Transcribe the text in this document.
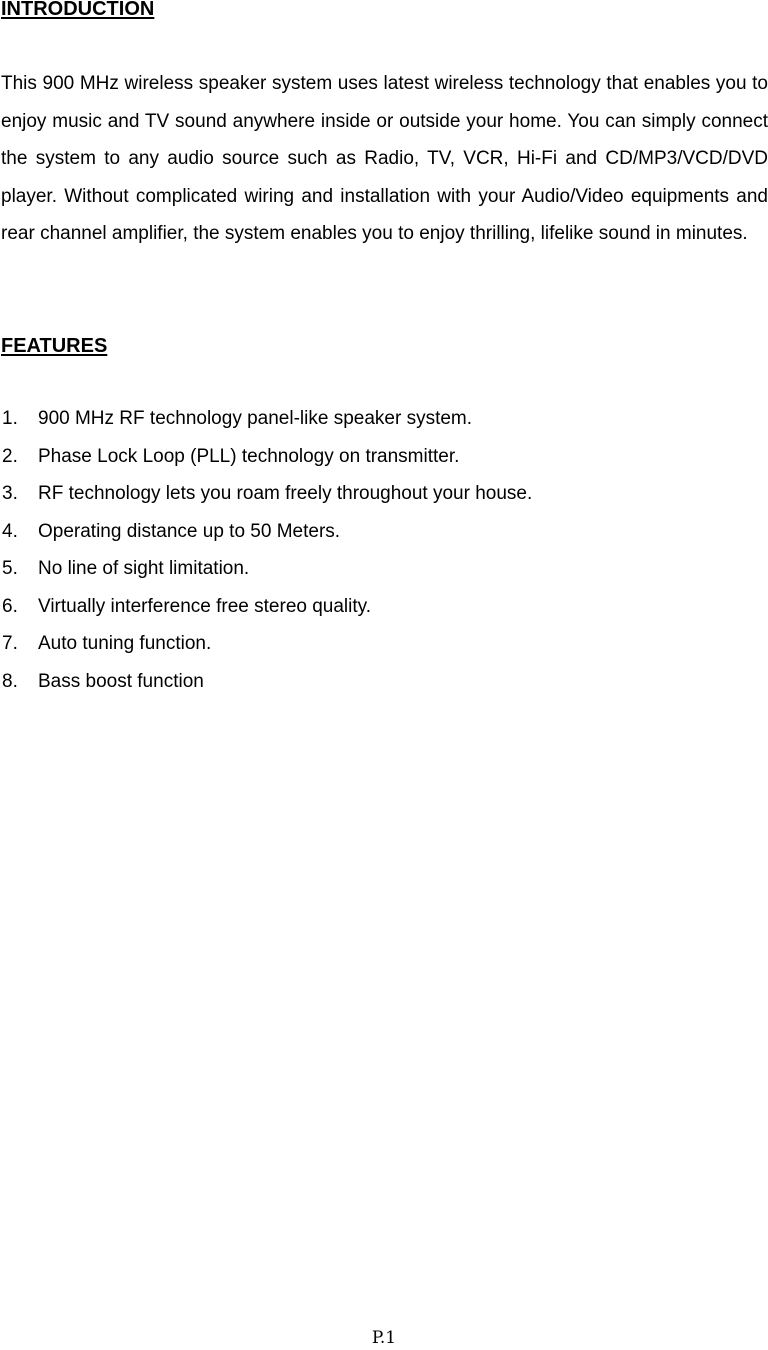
INTRODUCTION

This 900 MHz wireless speaker system uses latest wireless technology that enables you to enjoy music and TV sound anywhere inside or outside your home. You can simply connect the system to any audio source such as Radio, TV, VCR, Hi-Fi and CD/MP3/VCD/DVD player. Without complicated wiring and installation with your Audio/Video equipments and rear channel amplifier, the system enables you to enjoy thrilling, lifelike sound in minutes.

FEATURES
1. 900 MHz RF technology panel-like speaker system.
2. Phase Lock Loop (PLL) technology on transmitter.
3. RF technology lets you roam freely throughout your house.
4. Operating distance up to 50 Meters.
5. No line of sight limitation.
6. Virtually interference free stereo quality.
7. Auto tuning function.
8. Bass boost function
P.1
